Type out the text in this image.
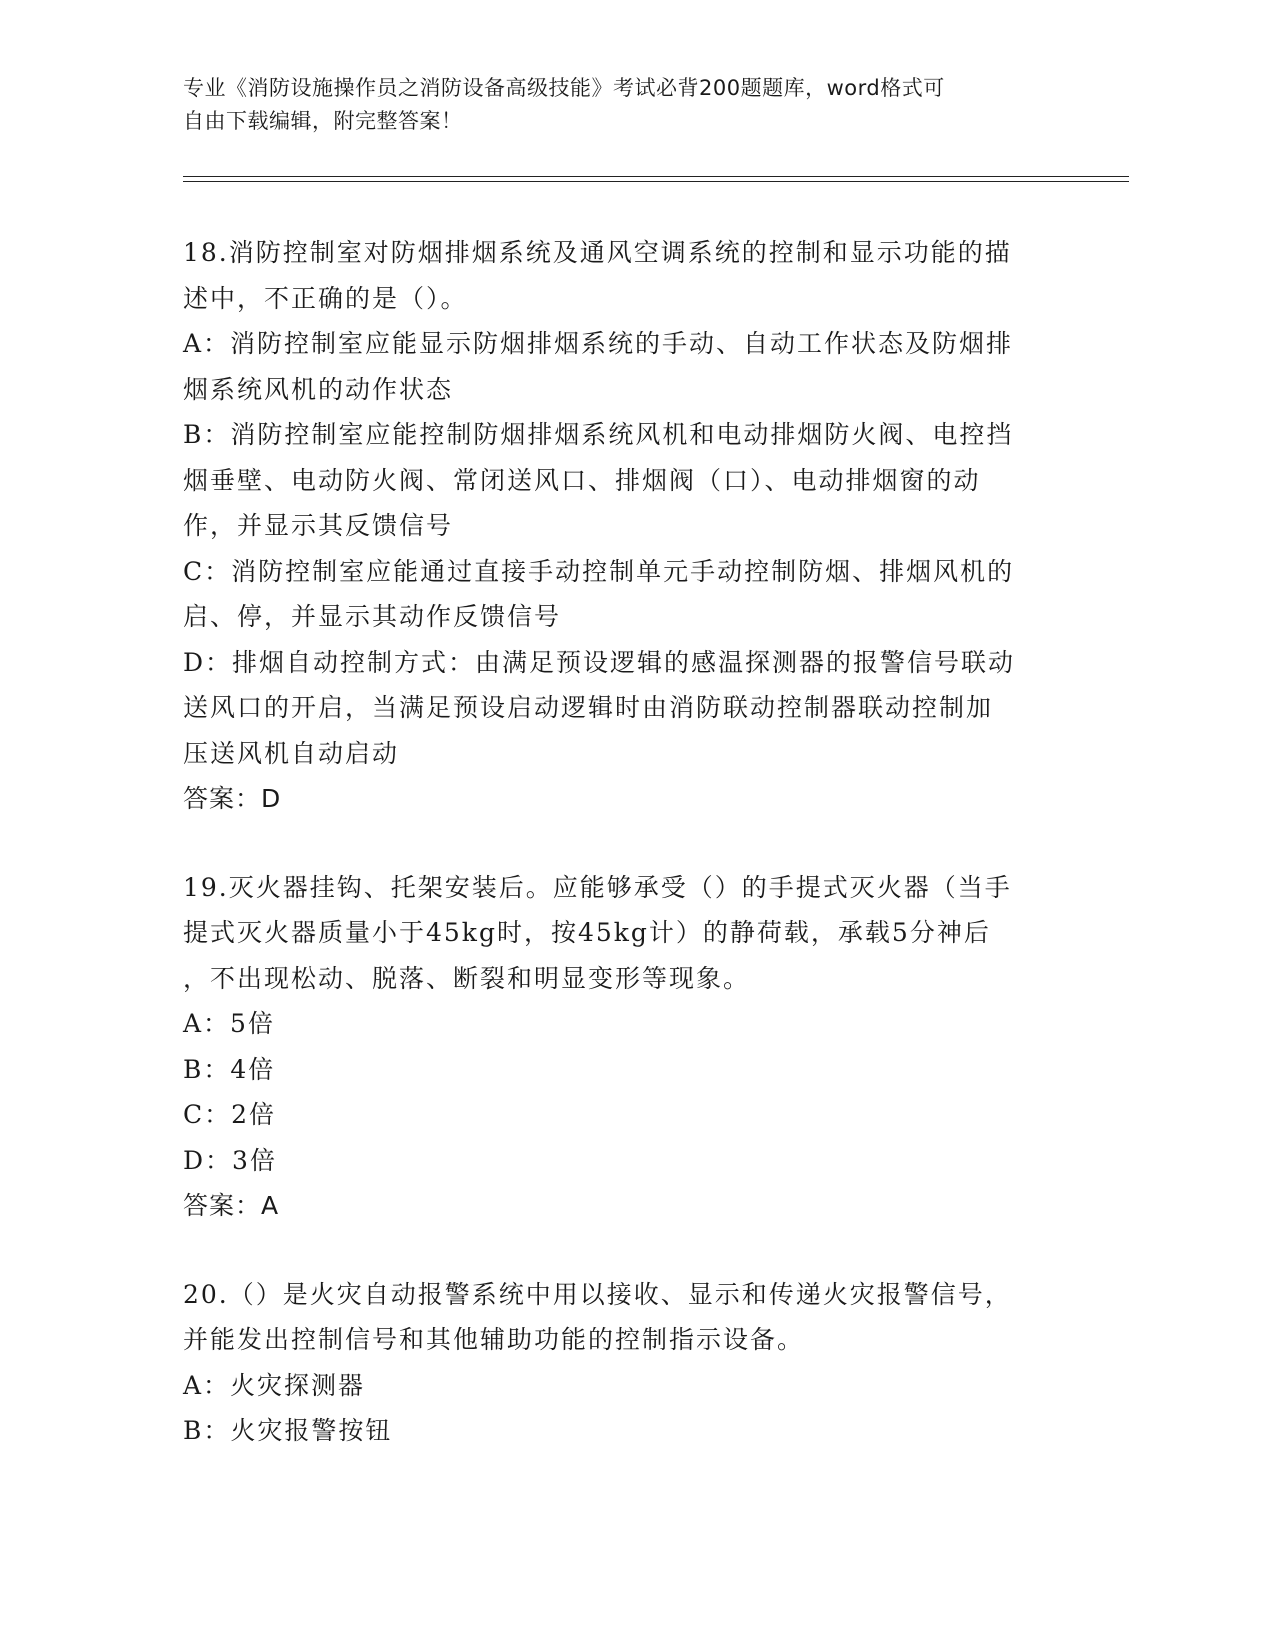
专业《消防设施操作员之消防设备高级技能》考试必背200题题库，word格式可
自由下载编辑，附完整答案！

18.消防控制室对防烟排烟系统及通风空调系统的控制和显示功能的描

述中，不正确的是（）。

A：消防控制室应能显示防烟排烟系统的手动、自动工作状态及防烟排

烟系统风机的动作状态

B：消防控制室应能控制防烟排烟系统风机和电动排烟防火阀、电控挡

烟垂壁、电动防火阀、常闭送风口、排烟阀（口）、电动排烟窗的动

作，并显示其反馈信号

C：消防控制室应能通过直接手动控制单元手动控制防烟、排烟风机的

启、停，并显示其动作反馈信号

D：排烟自动控制方式：由满足预设逻辑的感温探测器的报警信号联动

送风口的开启，当满足预设启动逻辑时由消防联动控制器联动控制加

压送风机自动启动

答案：D

19.灭火器挂钩、托架安装后。应能够承受（）的手提式灭火器（当手

提式灭火器质量小于45kg时，按45kg计）的静荷载，承载5分神后

，不出现松动、脱落、断裂和明显变形等现象。

A：5倍

B：4倍

C：2倍

D：3倍

答案：A

20.（）是火灾自动报警系统中用以接收、显示和传递火灾报警信号，

并能发出控制信号和其他辅助功能的控制指示设备。

A：火灾探测器

B：火灾报警按钮
